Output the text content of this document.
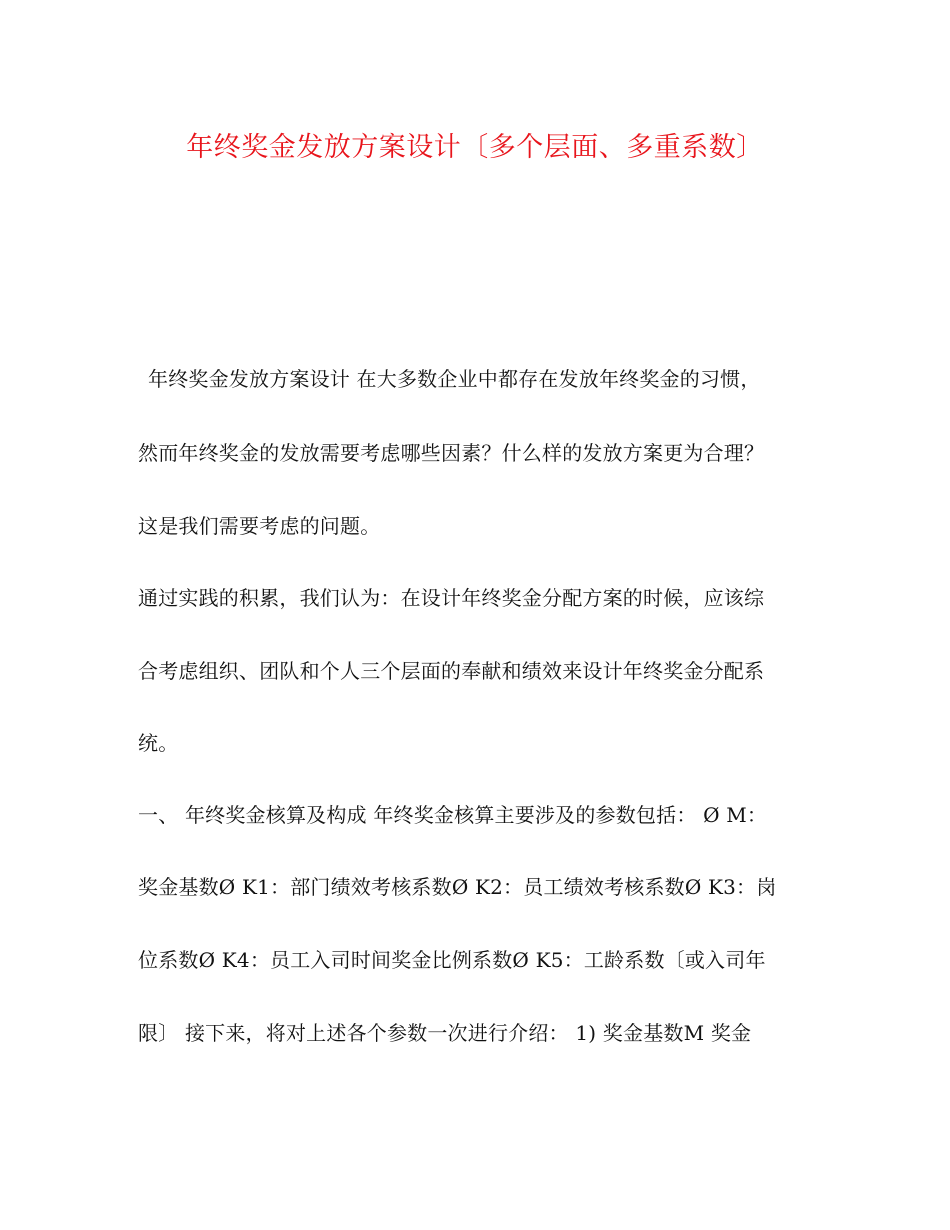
年终奖金发放方案设计〔多个层面、多重系数〕
年终奖金发放方案设计 在大多数企业中都存在发放年终奖金的习惯，
然而年终奖金的发放需要考虑哪些因素？什么样的发放方案更为合理？
这是我们需要考虑的问题。
通过实践的积累，我们认为：在设计年终奖金分配方案的时候，应该综
合考虑组织、团队和个人三个层面的奉献和绩效来设计年终奖金分配系
统。
一、 年终奖金核算及构成 年终奖金核算主要涉及的参数包括： Ø M：
奖金基数Ø K1：部门绩效考核系数Ø K2：员工绩效考核系数Ø K3：岗
位系数Ø K4：员工入司时间奖金比例系数Ø K5：工龄系数〔或入司年
限〕 接下来，将对上述各个参数一次进行介绍： 1) 奖金基数M 奖金
